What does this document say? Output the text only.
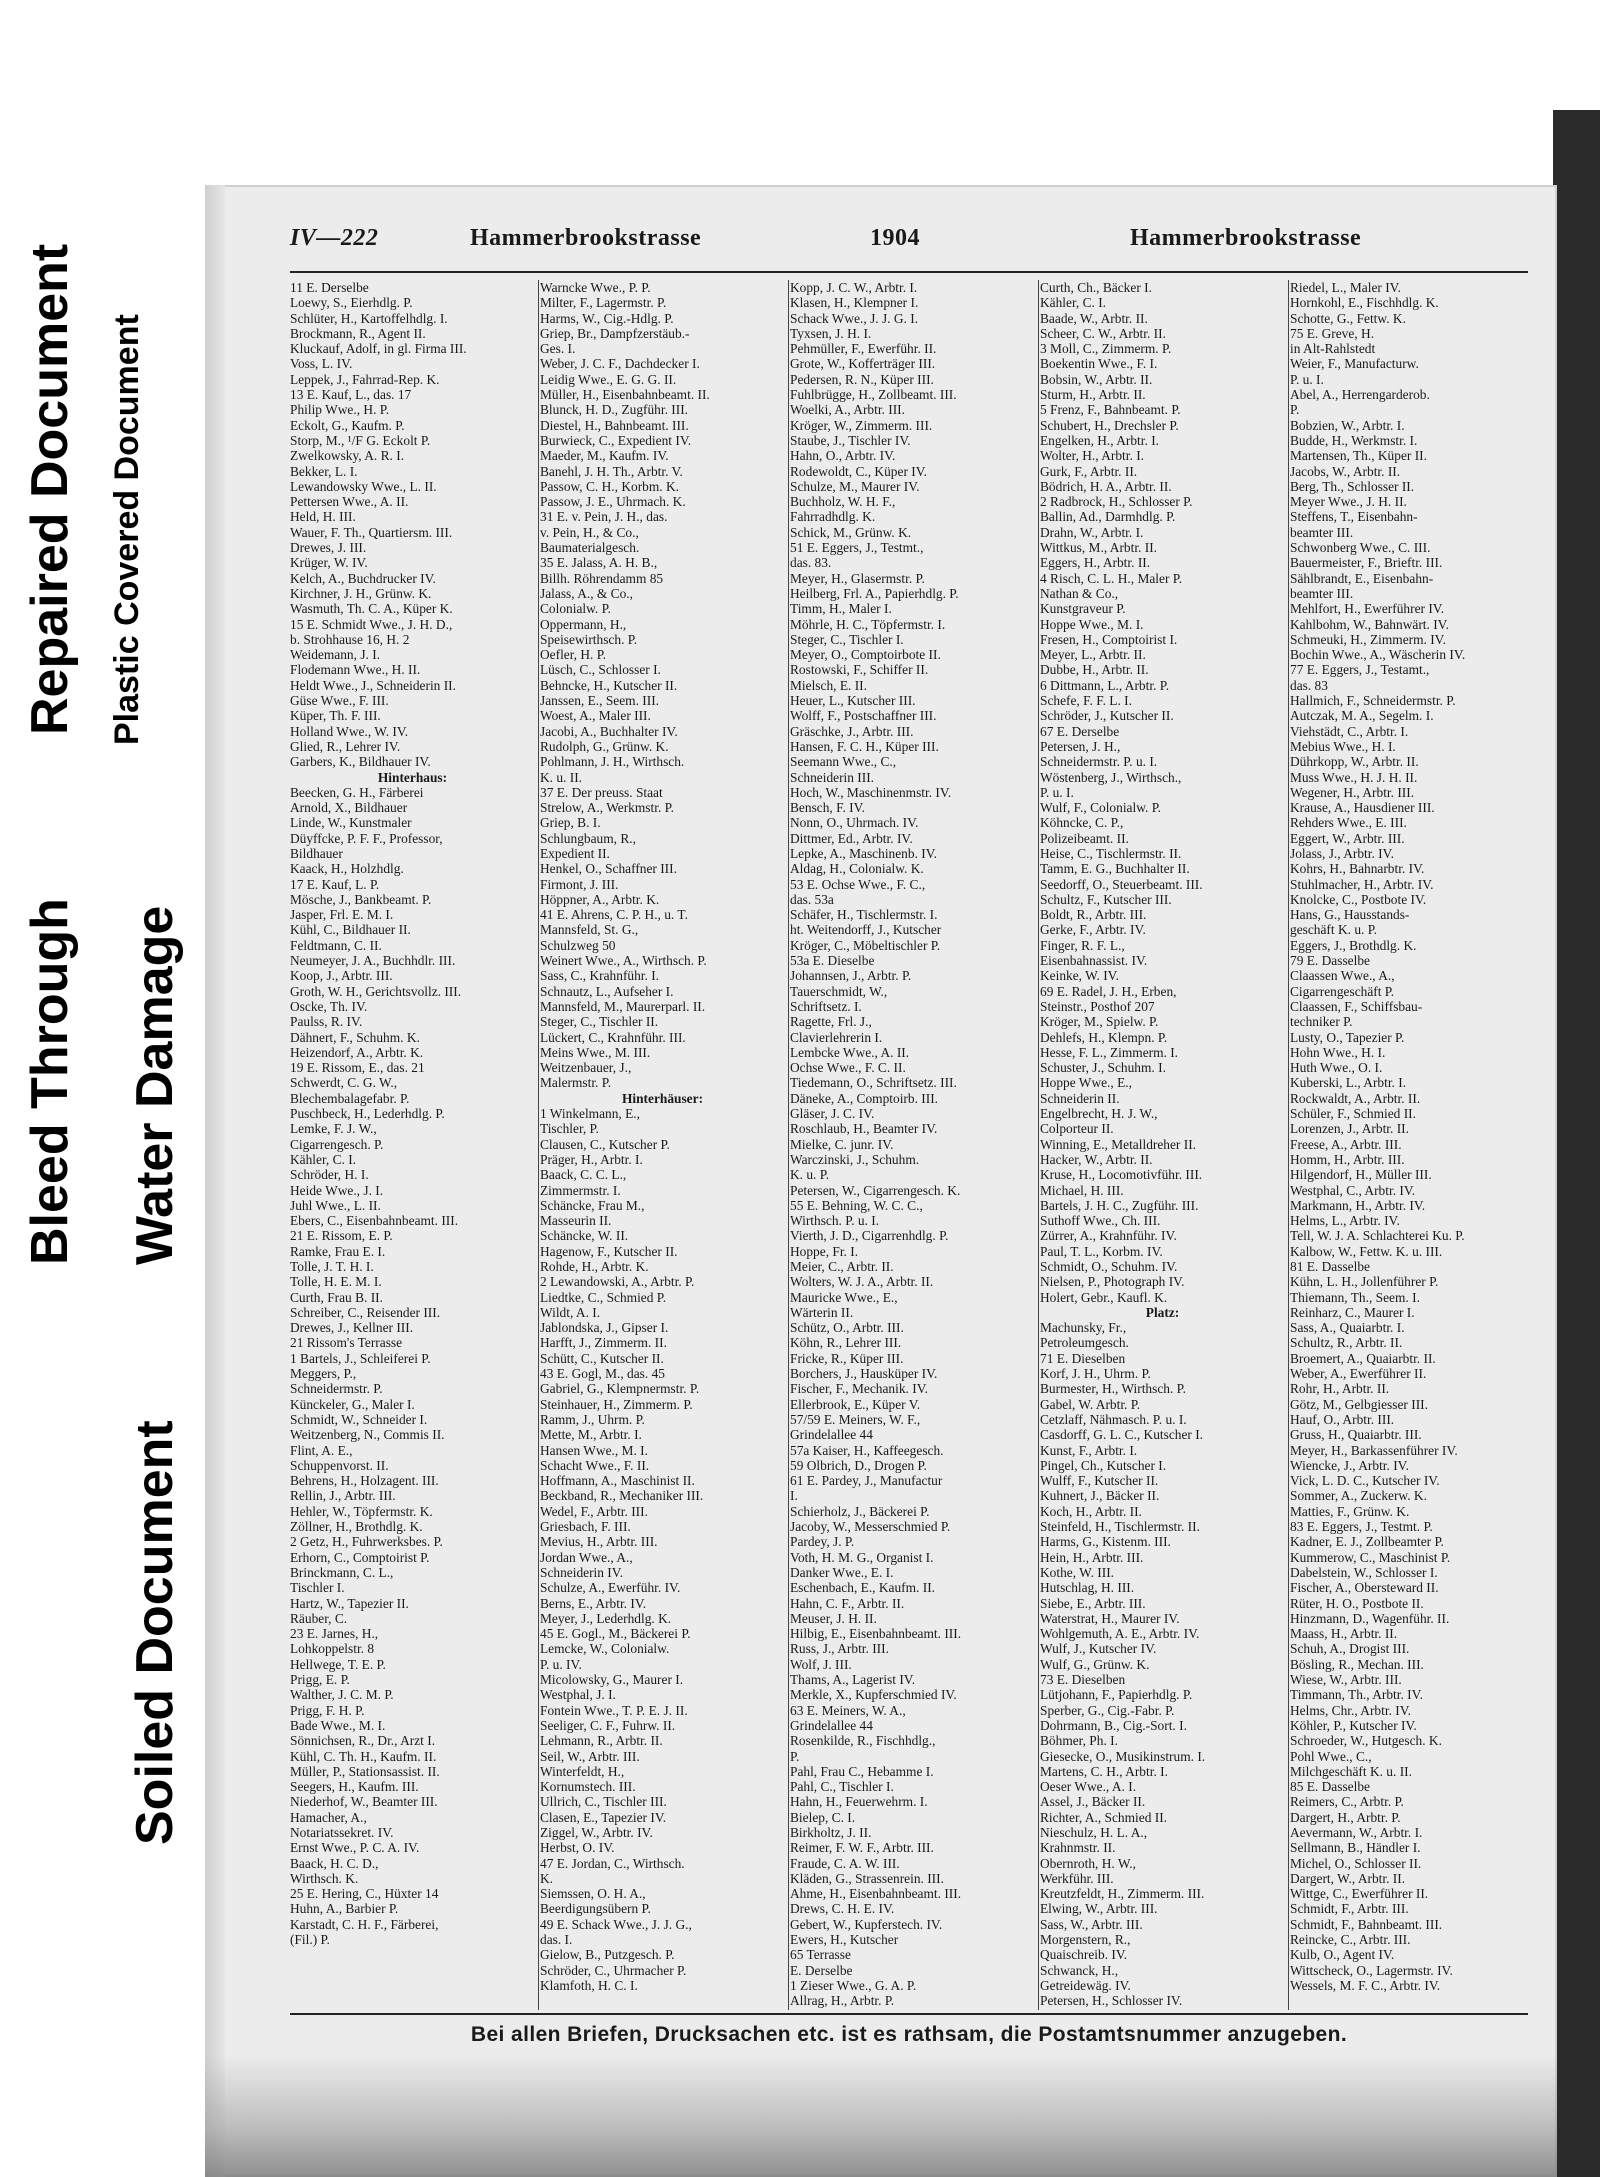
Bleed Through
Repaired Document Plastic Covered Document
Water Damage
Soiled Document
IV—222	Hammerbrookstrasse	1904	Hammerbrookstrasse
11 E. Derselbe
Loewy, S., Eierhdlg. P.
Schlüter, H., Kartoffelhdlg. I.
Brockmann, R., Agent II.
Kluckauf, Adolf, in gl. Firma III.
Voss, L. IV.
Leppek, J., Fahrrad-Rep. K.
13 E. Kauf, L., das. 17
Philip Wwe., H. P.
Eckolt, G., Kaufm. P.
Storp, M., ¹/F G. Eckolt P.
Zwelkowsky, A. R. I.
Bekker, L. I.
Lewandowsky Wwe., L. II.
Pettersen Wwe., A. II.
Held, H. III.
Wauer, F. Th., Quartiersm. III.
Drewes, J. III.
Krüger, W. IV.
Kelch, A., Buchdrucker IV.
Kirchner, J. H., Grünw. K.
Wasmuth, Th. C. A., Küper K.
15 E. Schmidt Wwe., J. H. D.,
b. Strohhause 16, H. 2
Weidemann, J. I.
Flodemann Wwe., H. II.
Heldt Wwe., J., Schneiderin II.
Güse Wwe., F. III.
Küper, Th. F. III.
Holland Wwe., W. IV.
Glied, R., Lehrer IV.
Garbers, K., Bildhauer IV.
Hinterhaus:
Beecken, G. H., Färberei
Arnold, X., Bildhauer
Linde, W., Kunstmaler
Düyffcke, P. F. F., Professor,
Bildhauer
Kaack, H., Holzhdlg.
17 E. Kauf, L. P.
Mösche, J., Bankbeamt. P.
Jasper, Frl. E. M. I.
Kühl, C., Bildhauer II.
Feldtmann, C. II.
Neumeyer, J. A., Buchhdlr. III.
Koop, J., Arbtr. III.
Groth, W. H., Gerichtsvollz. III.
Oscke, Th. IV.
Paulss, R. IV.
Dähnert, F., Schuhm. K.
Heizendorf, A., Arbtr. K.
19 E. Rissom, E., das. 21
Schwerdt, C. G. W.,
Blechembalagefabr. P.
Puschbeck, H., Lederhdlg. P.
Lemke, F. J. W.,
Cigarrengesch. P.
Kähler, C. I.
Schröder, H. I.
Heide Wwe., J. I.
Juhl Wwe., L. II.
Ebers, C., Eisenbahnbeamt. III.
21 E. Rissom, E. P.
Ramke, Frau E. I.
Tolle, J. T. H. I.
Tolle, H. E. M. I.
Curth, Frau B. II.
Schreiber, C., Reisender III.
Drewes, J., Kellner III.
21 Rissom's Terrasse
1 Bartels, J., Schleiferei P.
Meggers, P.,
Schneidermstr. P.
Künckeler, G., Maler I.
Schmidt, W., Schneider I.
Weitzenberg, N., Commis II.
Flint, A. E.,
Schuppenvorst. II.
Behrens, H., Holzagent. III.
Rellin, J., Arbtr. III.
Hehler, W., Töpfermstr. K.
Zöllner, H., Brothdlg. K.
2 Getz, H., Fuhrwerksbes. P.
Erhorn, C., Comptoirist P.
Brinckmann, C. L.,
Tischler I.
Hartz, W., Tapezier II.
Räuber, C.
23 E. Jarnes, H.,
Lohkoppelstr. 8
Hellwege, T. E. P.
Prigg, E. P.
Walther, J. C. M. P.
Prigg, F. H. P.
Bade Wwe., M. I.
Sönnichsen, R., Dr., Arzt I.
Kühl, C. Th. H., Kaufm. II.
Müller, P., Stationsassist. II.
Seegers, H., Kaufm. III.
Niederhof, W., Beamter III.
Hamacher, A.,
Notariatssekret. IV.
Ernst Wwe., P. C. A. IV.
Baack, H. C. D.,
Wirthsch. K.
25 E. Hering, C., Hüxter 14
Huhn, A., Barbier P.
Karstadt, C. H. F., Färberei,
(Fil.) P.
Warncke Wwe., P. P.
Milter, F., Lagermstr. P.
Harms, W., Cig.-Hdlg. P.
Griep, Br., Dampfzerstäub.-
Ges. I.
Weber, J. C. F., Dachdecker I.
Leidig Wwe., E. G. G. II.
Müller, H., Eisenbahnbeamt. II.
Blunck, H. D., Zugführ. III.
Diestel, H., Bahnbeamt. III.
Burwieck, C., Expedient IV.
Maeder, M., Kaufm. IV.
Banehl, J. H. Th., Arbtr. V.
Passow, C. H., Korbm. K.
Passow, J. E., Uhrmach. K.
31 E. v. Pein, J. H., das.
v. Pein, H., & Co.,
Baumaterialgesch.
35 E. Jalass, A. H. B.,
Billh. Röhrendamm 85
Jalass, A., & Co.,
Colonialw. P.
Oppermann, H.,
Speisewirthsch. P.
Oefler, H. P.
Lüsch, C., Schlosser I.
Behncke, H., Kutscher II.
Janssen, E., Seem. III.
Woest, A., Maler III.
Jacobi, A., Buchhalter IV.
Rudolph, G., Grünw. K.
Pohlmann, J. H., Wirthsch.
K. u. II.
37 E. Der preuss. Staat
Strelow, A., Werkmstr. P.
Griep, B. I.
Schlungbaum, R.,
Expedient II.
Henkel, O., Schaffner III.
Firmont, J. III.
Höppner, A., Arbtr. K.
41 E. Ahrens, C. P. H., u. T.
Mannsfeld, St. G.,
Schulzweg 50
Weinert Wwe., A., Wirthsch. P.
Sass, C., Krahnführ. I.
Schnautz, L., Aufseher I.
Mannsfeld, M., Maurerparl. II.
Steger, C., Tischler II.
Lückert, C., Krahnführ. III.
Meins Wwe., M. III.
Weitzenbauer, J.,
Malermstr. P.
Hinterhäuser:
1 Winkelmann, E.,
Tischler, P.
Clausen, C., Kutscher P.
Präger, H., Arbtr. I.
Baack, C. C. L.,
Zimmermstr. I.
Schäncke, Frau M.,
Masseurin II.
Schäncke, W. II.
Hagenow, F., Kutscher II.
Rohde, H., Arbtr. K.
2 Lewandowski, A., Arbtr. P.
Liedtke, C., Schmied P.
Wildt, A. I.
Jablondska, J., Gipser I.
Harfft, J., Zimmerm. II.
Schütt, C., Kutscher II.
43 E. Gogl, M., das. 45
Gabriel, G., Klempnermstr. P.
Steinhauer, H., Zimmerm. P.
Ramm, J., Uhrm. P.
Mette, M., Arbtr. I.
Hansen Wwe., M. I.
Schacht Wwe., F. II.
Hoffmann, A., Maschinist II.
Beckband, R., Mechaniker III.
Wedel, F., Arbtr. III.
Griesbach, F. III.
Mevius, H., Arbtr. III.
Jordan Wwe., A.,
Schneiderin IV.
Schulze, A., Ewerführ. IV.
Berns, E., Arbtr. IV.
Meyer, J., Lederhdlg. K.
45 E. Gogl., M., Bäckerei P.
Lemcke, W., Colonialw.
P. u. IV.
Micolowsky, G., Maurer I.
Westphal, J. I.
Fontein Wwe., T. P. E. J. II.
Seeliger, C. F., Fuhrw. II.
Lehmann, R., Arbtr. II.
Seil, W., Arbtr. III.
Winterfeldt, H.,
Kornumstech. III.
Ullrich, C., Tischler III.
Clasen, E., Tapezier IV.
Ziggel, W., Arbtr. IV.
Herbst, O. IV.
47 E. Jordan, C., Wirthsch.
K.
Siemssen, O. H. A.,
Beerdigungsübern P.
49 E. Schack Wwe., J. J. G.,
das. I.
Gielow, B., Putzgesch. P.
Schröder, C., Uhrmacher P.
Klamfoth, H. C. I.
Kopp, J. C. W., Arbtr. I.
Klasen, H., Klempner I.
Schack Wwe., J. J. G. I.
Tyxsen, J. H. I.
Pehmüller, F., Ewerführ. II.
Grote, W., Kofferträger III.
Pedersen, R. N., Küper III.
Fuhlbrügge, H., Zollbeamt. III.
Woelki, A., Arbtr. III.
Kröger, W., Zimmerm. III.
Staube, J., Tischler IV.
Hahn, O., Arbtr. IV.
Rodewoldt, C., Küper IV.
Schulze, M., Maurer IV.
Buchholz, W. H. F.,
Fahrradhdlg. K.
Schick, M., Grünw. K.
51 E. Eggers, J., Testmt.,
das. 83.
Meyer, H., Glasermstr. P.
Heilberg, Frl. A., Papierhdlg. P.
Timm, H., Maler I.
Möhrle, H. C., Töpfermstr. I.
Steger, C., Tischler I.
Meyer, O., Comptoirbote II.
Rostowski, F., Schiffer II.
Mielsch, E. II.
Heuer, L., Kutscher III.
Wolff, F., Postschaffner III.
Gräschke, J., Arbtr. III.
Hansen, F. C. H., Küper III.
Seemann Wwe., C.,
Schneiderin III.
Hoch, W., Maschinenmstr. IV.
Bensch, F. IV.
Nonn, O., Uhrmach. IV.
Dittmer, Ed., Arbtr. IV.
Lepke, A., Maschinenb. IV.
Aldag, H., Colonialw. K.
53 E. Ochse Wwe., F. C.,
das. 53a
Schäfer, H., Tischlermstr. I.
ht. Weitendorff, J., Kutscher
Kröger, C., Möbeltischler P.
53a E. Dieselbe
Johannsen, J., Arbtr. P.
Tauerschmidt, W.,
Schriftsetz. I.
Ragette, Frl. J.,
Clavierlehrerin I.
Lembcke Wwe., A. II.
Ochse Wwe., F. C. II.
Tiedemann, O., Schriftsetz. III.
Däneke, A., Comptoirb. III.
Gläser, J. C. IV.
Roschlaub, H., Beamter IV.
Mielke, C. junr. IV.
Warczinski, J., Schuhm.
K. u. P.
Petersen, W., Cigarrengesch. K.
55 E. Behning, W. C. C.,
Wirthsch. P. u. I.
Vierth, J. D., Cigarrenhdlg. P.
Hoppe, Fr. I.
Meier, C., Arbtr. II.
Wolters, W. J. A., Arbtr. II.
Mauricke Wwe., E.,
Wärterin II.
Schütz, O., Arbtr. III.
Köhn, R., Lehrer III.
Fricke, R., Küper III.
Borchers, J., Hausküper IV.
Fischer, F., Mechanik. IV.
Ellerbrook, E., Küper V.
57/59 E. Meiners, W. F.,
Grindelallee 44
57a Kaiser, H., Kaffeegesch.
59 Olbrich, D., Drogen P.
61 E. Pardey, J., Manufactur
I.
Schierholz, J., Bäckerei P.
Jacoby, W., Messerschmied P.
Pardey, J. P.
Voth, H. M. G., Organist I.
Danker Wwe., E. I.
Eschenbach, E., Kaufm. II.
Hahn, C. F., Arbtr. II.
Meuser, J. H. II.
Hilbig, E., Eisenbahnbeamt. III.
Russ, J., Arbtr. III.
Wolf, J. III.
Thams, A., Lagerist IV.
Merkle, X., Kupferschmied IV.
63 E. Meiners, W. A.,
Grindelallee 44
Rosenkilde, R., Fischhdlg.,
P.
Pahl, Frau C., Hebamme I.
Pahl, C., Tischler I.
Hahn, H., Feuerwehrm. I.
Bielep, C. I.
Birkholtz, J. II.
Reimer, F. W. F., Arbtr. III.
Fraude, C. A. W. III.
Kläden, G., Strassenrein. III.
Ahme, H., Eisenbahnbeamt. III.
Drews, C. H. E. IV.
Gebert, W., Kupferstech. IV.
Ewers, H., Kutscher
65 Terrasse
E. Derselbe
1 Zieser Wwe., G. A. P.
Allrag, H., Arbtr. P.
Curth, Ch., Bäcker I.
Kähler, C. I.
Baade, W., Arbtr. II.
Scheer, C. W., Arbtr. II.
3 Moll, C., Zimmerm. P.
Boekentin Wwe., F. I.
Bobsin, W., Arbtr. II.
Sturm, H., Arbtr. II.
5 Frenz, F., Bahnbeamt. P.
Schubert, H., Drechsler P.
Engelken, H., Arbtr. I.
Wolter, H., Arbtr. I.
Gurk, F., Arbtr. II.
Bödrich, H. A., Arbtr. II.
2 Radbrock, H., Schlosser P.
Ballin, Ad., Darmhdlg. P.
Drahn, W., Arbtr. I.
Wittkus, M., Arbtr. II.
Eggers, H., Arbtr. II.
4 Risch, C. L. H., Maler P.
Nathan & Co.,
Kunstgraveur P.
Hoppe Wwe., M. I.
Fresen, H., Comptoirist I.
Meyer, L., Arbtr. II.
Dubbe, H., Arbtr. II.
6 Dittmann, L., Arbtr. P.
Schefe, F. F. L. I.
Schröder, J., Kutscher II.
67 E. Derselbe
Petersen, J. H.,
Schneidermstr. P. u. I.
Wöstenberg, J., Wirthsch.,
P. u. I.
Wulf, F., Colonialw. P.
Köhncke, C. P.,
Polizeibeamt. II.
Heise, C., Tischlermstr. II.
Tamm, E. G., Buchhalter II.
Seedorff, O., Steuerbeamt. III.
Schultz, F., Kutscher III.
Boldt, R., Arbtr. III.
Gerke, F., Arbtr. IV.
Finger, R. F. L.,
Eisenbahnassist. IV.
Keinke, W. IV.
69 E. Radel, J. H., Erben,
Steinstr., Posthof 207
Kröger, M., Spielw. P.
Dehlefs, H., Klempn. P.
Hesse, F. L., Zimmerm. I.
Schuster, J., Schuhm. I.
Hoppe Wwe., E.,
Schneiderin II.
Engelbrecht, H. J. W.,
Colporteur II.
Winning, E., Metalldreher II.
Hacker, W., Arbtr. II.
Kruse, H., Locomotivführ. III.
Michael, H. III.
Bartels, J. H. C., Zugführ. III.
Suthoff Wwe., Ch. III.
Zürrer, A., Krahnführ. IV.
Paul, T. L., Korbm. IV.
Schmidt, O., Schuhm. IV.
Nielsen, P., Photograph IV.
Holert, Gebr., Kaufl. K.
Platz:
Machunsky, Fr.,
Petroleumgesch.
71 E. Dieselben
Korf, J. H., Uhrm. P.
Burmester, H., Wirthsch. P.
Gabel, W. Arbtr. P.
Cetzlaff, Nähmasch. P. u. I.
Casdorff, G. L. C., Kutscher I.
Kunst, F., Arbtr. I.
Pingel, Ch., Kutscher I.
Wulff, F., Kutscher II.
Kuhnert, J., Bäcker II.
Koch, H., Arbtr. II.
Steinfeld, H., Tischlermstr. II.
Harms, G., Kistenm. III.
Hein, H., Arbtr. III.
Kothe, W. III.
Hutschlag, H. III.
Siebe, E., Arbtr. III.
Waterstrat, H., Maurer IV.
Wohlgemuth, A. E., Arbtr. IV.
Wulf, J., Kutscher IV.
Wulf, G., Grünw. K.
73 E. Dieselben
Lütjohann, F., Papierhdlg. P.
Sperber, G., Cig.-Fabr. P.
Dohrmann, B., Cig.-Sort. I.
Böhmer, Ph. I.
Giesecke, O., Musikinstrum. I.
Martens, C. H., Arbtr. I.
Oeser Wwe., A. I.
Assel, J., Bäcker II.
Richter, A., Schmied II.
Nieschulz, H. L. A.,
Krahnmstr. II.
Obernroth, H. W.,
Werkführ. III.
Kreutzfeldt, H., Zimmerm. III.
Elwing, W., Arbtr. III.
Sass, W., Arbtr. III.
Morgenstern, R.,
Quaischreib. IV.
Schwanck, H.,
Getreidewäg. IV.
Petersen, H., Schlosser IV.
Riedel, L., Maler IV.
Hornkohl, E., Fischhdlg. K.
Schotte, G., Fettw. K.
75 E. Greve, H.
in Alt-Rahlstedt
Weier, F., Manufacturw.
P. u. I.
Abel, A., Herrengarderob.
P.
Bobzien, W., Arbtr. I.
Budde, H., Werkmstr. I.
Martensen, Th., Küper II.
Jacobs, W., Arbtr. II.
Berg, Th., Schlosser II.
Meyer Wwe., J. H. II.
Steffens, T., Eisenbahn-
beamter III.
Schwonberg Wwe., C. III.
Bauermeister, F., Brieftr. III.
Sählbrandt, E., Eisenbahn-
beamter III.
Mehlfort, H., Ewerführer IV.
Kahlbohm, W., Bahnwärt. IV.
Schmeuki, H., Zimmerm. IV.
Bochin Wwe., A., Wäscherin IV.
77 E. Eggers, J., Testamt.,
das. 83
Hallmich, F., Schneidermstr. P.
Autczak, M. A., Segelm. I.
Viehstädt, C., Arbtr. I.
Mebius Wwe., H. I.
Dührkopp, W., Arbtr. II.
Muss Wwe., H. J. H. II.
Wegener, H., Arbtr. III.
Krause, A., Hausdiener III.
Rehders Wwe., E. III.
Eggert, W., Arbtr. III.
Jolass, J., Arbtr. IV.
Kohrs, H., Bahnarbtr. IV.
Stuhlmacher, H., Arbtr. IV.
Knolcke, C., Postbote IV.
Hans, G., Hausstands-
geschäft K. u. P.
Eggers, J., Brothdlg. K.
79 E. Dasselbe
Claassen Wwe., A.,
Cigarrengeschäft P.
Claassen, F., Schiffsbau-
techniker P.
Lusty, O., Tapezier P.
Hohn Wwe., H. I.
Huth Wwe., O. I.
Kuberski, L., Arbtr. I.
Rockwaldt, A., Arbtr. II.
Schüler, F., Schmied II.
Lorenzen, J., Arbtr. II.
Freese, A., Arbtr. III.
Homm, H., Arbtr. III.
Hilgendorf, H., Müller III.
Westphal, C., Arbtr. IV.
Markmann, H., Arbtr. IV.
Helms, L., Arbtr. IV.
Tell, W. J. A. Schlachterei Ku. P.
Kalbow, W., Fettw. K. u. III.
81 E. Dasselbe
Kühn, L. H., Jollenführer P.
Thiemann, Th., Seem. I.
Reinharz, C., Maurer I.
Sass, A., Quaiarbtr. I.
Schultz, R., Arbtr. II.
Broemert, A., Quaiarbtr. II.
Weber, A., Ewerführer II.
Rohr, H., Arbtr. II.
Götz, M., Gelbgiesser III.
Hauf, O., Arbtr. III.
Gruss, H., Quaiarbtr. III.
Meyer, H., Barkassenführer IV.
Wiencke, J., Arbtr. IV.
Vick, L. D. C., Kutscher IV.
Sommer, A., Zuckerw. K.
Matties, F., Grünw. K.
83 E. Eggers, J., Testmt. P.
Kadner, E. J., Zollbeamter P.
Kummerow, C., Maschinist P.
Dabelstein, W., Schlosser I.
Fischer, A., Obersteward II.
Rüter, H. O., Postbote II.
Hinzmann, D., Wagenführ. II.
Maass, H., Arbtr. II.
Schuh, A., Drogist III.
Bösling, R., Mechan. III.
Wiese, W., Arbtr. III.
Timmann, Th., Arbtr. IV.
Helms, Chr., Arbtr. IV.
Köhler, P., Kutscher IV.
Schroeder, W., Hutgesch. K.
Pohl Wwe., C.,
Milchgeschäft K. u. II.
85 E. Dasselbe
Reimers, C., Arbtr. P.
Dargert, H., Arbtr. P.
Aevermann, W., Arbtr. I.
Sellmann, B., Händler I.
Michel, O., Schlosser II.
Dargert, W., Arbtr. II.
Wittge, C., Ewerführer II.
Schmidt, F., Arbtr. III.
Schmidt, F., Bahnbeamt. III.
Reincke, C., Arbtr. III.
Kulb, O., Agent IV.
Wittscheck, O., Lagermstr. IV.
Wessels, M. F. C., Arbtr. IV.
Bei allen Briefen, Drucksachen etc. ist es rathsam, die Postamtsnummer anzugeben.
